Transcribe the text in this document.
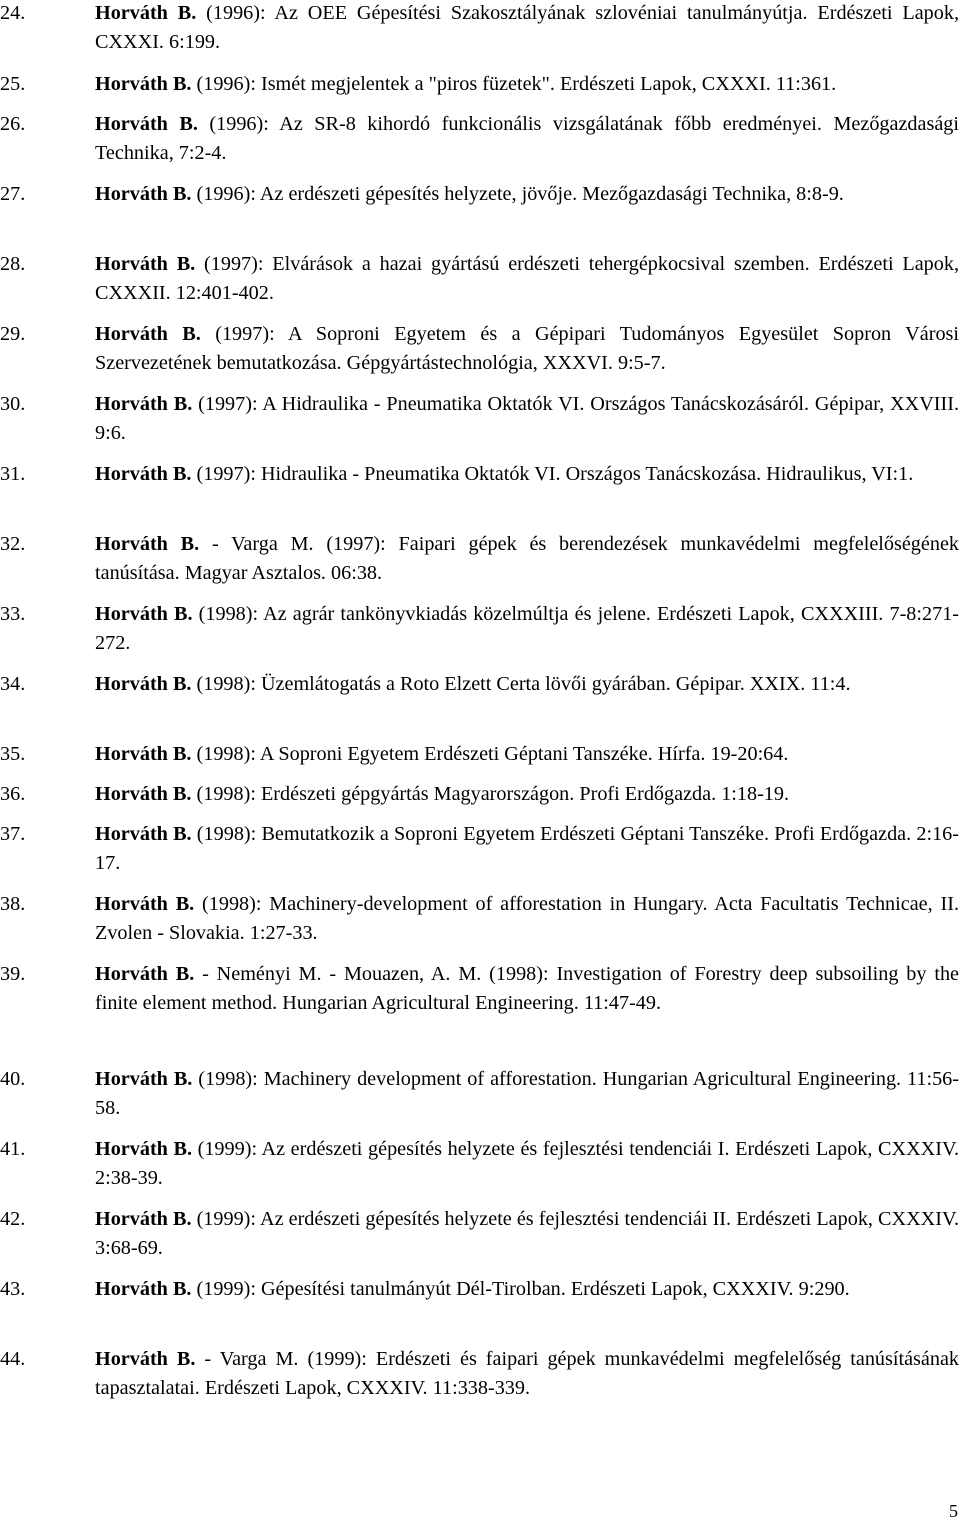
24.	Horváth B. (1996): Az OEE Gépesítési Szakosztályának szlovéniai tanulmányútja. Erdészeti Lapok, CXXXI. 6:199.
25.	Horváth B. (1996): Ismét megjelentek a "piros füzetek". Erdészeti Lapok, CXXXI. 11:361.
26.	Horváth B. (1996): Az SR-8 kihordó funkcionális vizsgálatának főbb eredményei. Mezőgazdasági Technika, 7:2-4.
27.	Horváth B. (1996): Az erdészeti gépesítés helyzete, jövője. Mezőgazdasági Technika, 8:8-9.
28.	Horváth B. (1997): Elvárások a hazai gyártású erdészeti tehergépkocsival szemben. Erdészeti Lapok, CXXXII. 12:401-402.
29.	Horváth B. (1997): A Soproni Egyetem és a Gépipari Tudományos Egyesület Sopron Városi Szervezetének bemutatkozása. Gépgyártástechnológia, XXXVI. 9:5-7.
30.	Horváth B. (1997): A Hidraulika - Pneumatika Oktatók VI. Országos Tanácskozásáról. Gépipar, XXVIII. 9:6.
31.	Horváth B. (1997): Hidraulika - Pneumatika Oktatók VI. Országos Tanácskozása. Hidraulikus, VI:1.
32.	Horváth B. - Varga M. (1997): Faipari gépek és berendezések munkavédelmi megfelelőségének tanúsítása. Magyar Asztalos. 06:38.
33.	Horváth B. (1998): Az agrár tankönyvkiadás közelmúltja és jelene. Erdészeti Lapok, CXXXIII. 7-8:271-272.
34.	Horváth B. (1998): Üzemlátogatás a Roto Elzett Certa lövői gyárában. Gépipar. XXIX. 11:4.
35.	Horváth B. (1998): A Soproni Egyetem Erdészeti Géptani Tanszéke. Hírfa. 19-20:64.
36.	Horváth B. (1998): Erdészeti gépgyártás Magyarországon. Profi Erdőgazda. 1:18-19.
37.	Horváth B. (1998): Bemutatkozik a Soproni Egyetem Erdészeti Géptani Tanszéke. Profi Erdőgazda. 2:16-17.
38.	Horváth B. (1998): Machinery-development of afforestation in Hungary. Acta Facultatis Technicae, II. Zvolen - Slovakia. 1:27-33.
39.	Horváth B. - Neményi M. - Mouazen, A. M. (1998): Investigation of Forestry deep subsoiling by the finite element method. Hungarian Agricultural Engineering. 11:47-49.
40.	Horváth B. (1998): Machinery development of afforestation. Hungarian Agricultural Engineering. 11:56-58.
41.	Horváth B. (1999): Az erdészeti gépesítés helyzete és fejlesztési tendenciái I. Erdészeti Lapok, CXXXIV. 2:38-39.
42.	Horváth B. (1999): Az erdészeti gépesítés helyzete és fejlesztési tendenciái II. Erdészeti Lapok, CXXXIV. 3:68-69.
43.	Horváth B. (1999): Gépesítési tanulmányút Dél-Tirolban. Erdészeti Lapok, CXXXIV. 9:290.
44.	Horváth B. - Varga M. (1999): Erdészeti és faipari gépek munkavédelmi megfelelőség tanúsításának tapasztalatai. Erdészeti Lapok, CXXXIV. 11:338-339.
5
